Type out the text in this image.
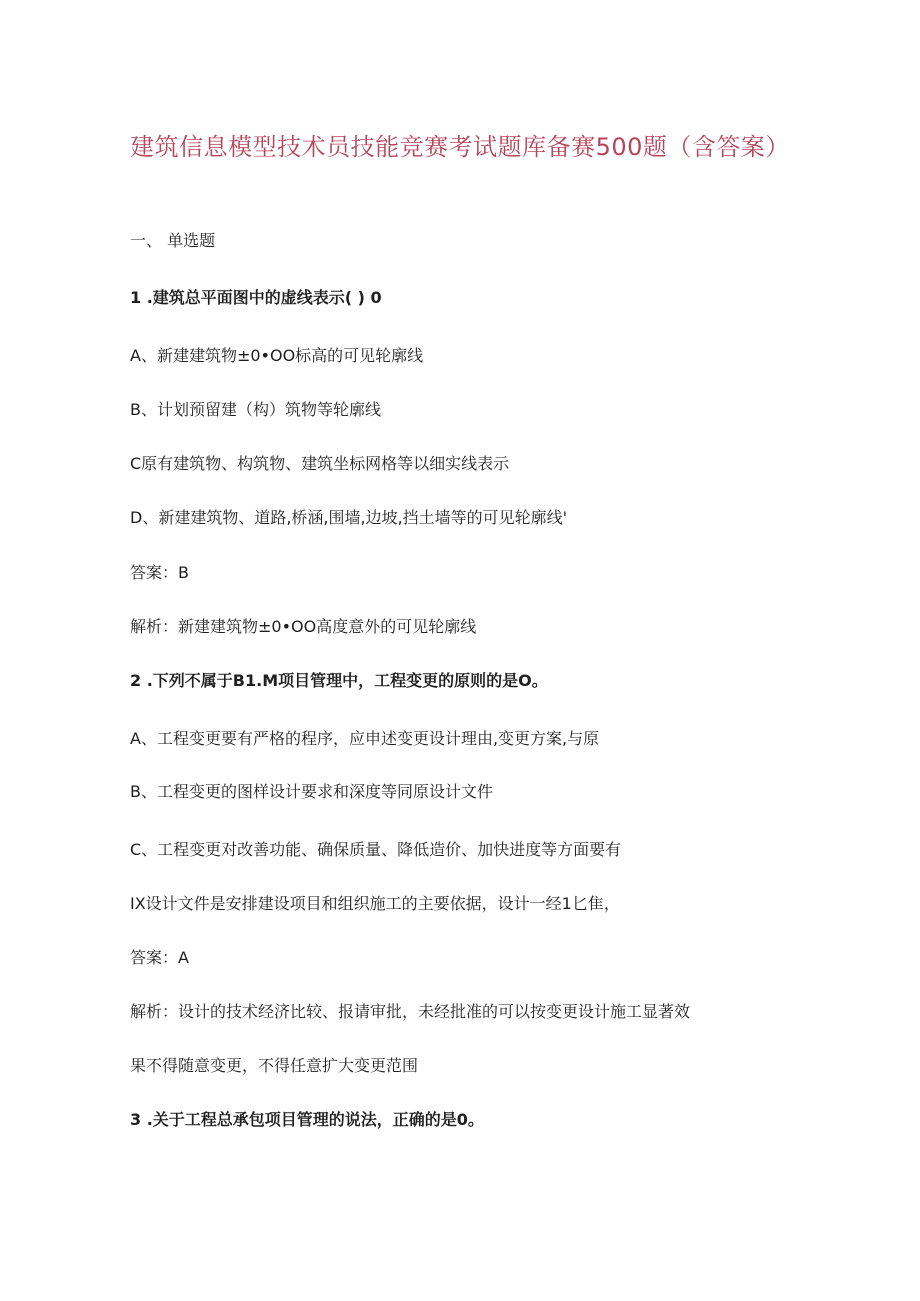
建筑信息模型技术员技能竞赛考试题库备赛500题（含答案）
一、 单选题
1 .建筑总平面图中的虚线表示( ) 0
A、新建建筑物±0•OO标高的可见轮廓线
B、计划预留建（构）筑物等轮廓线
C原有建筑物、构筑物、建筑坐标网格等以细实线表示
D、新建建筑物、道路,桥涵,围墙,边坡,挡土墙等的可见轮廓线'
答案：B
解析：新建建筑物±0•OO高度意外的可见轮廓线
2 .下列不属于B1.M项目管理中，工程变更的原则的是O。
A、工程变更要有严格的程序，应申述变更设计理由,变更方案,与原
B、工程变更的图样设计要求和深度等同原设计文件
C、工程变更对改善功能、确保质量、降低造价、加快进度等方面要有
IX设计文件是安排建设项目和组织施工的主要依据，设计一经1匕隹，
答案：A
解析：设计的技术经济比较、报请审批，未经批准的可以按变更设计施工显著效
果不得随意变更，不得任意扩大变更范围
3 .关于工程总承包项目管理的说法，正确的是0。
